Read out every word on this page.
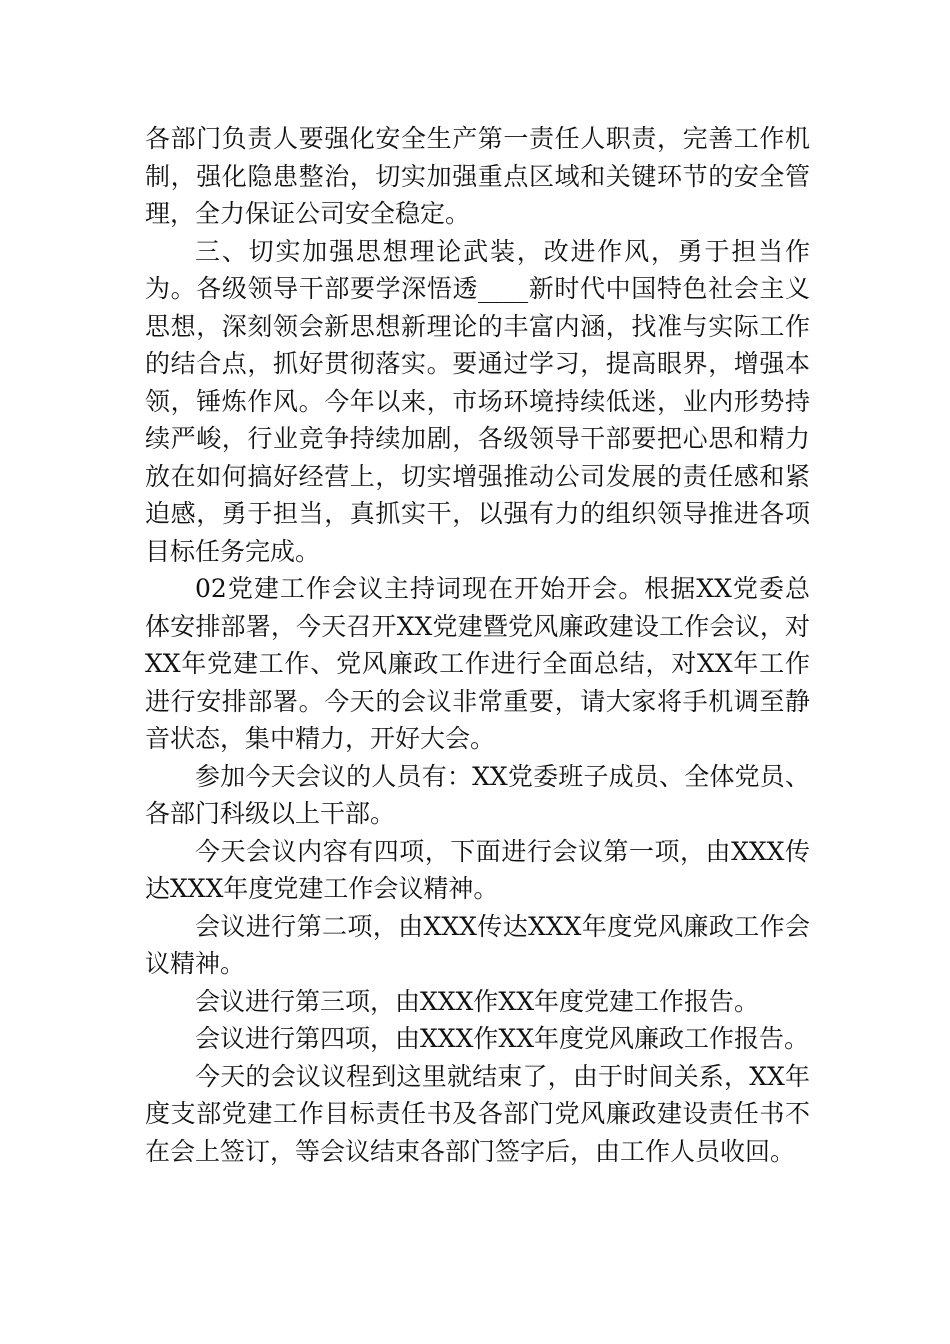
各部门负责人要强化安全生产第一责任人职责，完善工作机制，强化隐患整治，切实加强重点区域和关键环节的安全管理，全力保证公司安全稳定。

三、切实加强思想理论武装，改进作风，勇于担当作为。各级领导干部要学深悟透____新时代中国特色社会主义思想，深刻领会新思想新理论的丰富内涵，找准与实际工作的结合点，抓好贯彻落实。要通过学习，提高眼界，增强本领，锤炼作风。今年以来，市场环境持续低迷，业内形势持续严峻，行业竞争持续加剧，各级领导干部要把心思和精力放在如何搞好经营上，切实增强推动公司发展的责任感和紧迫感，勇于担当，真抓实干，以强有力的组织领导推进各项目标任务完成。

02党建工作会议主持词现在开始开会。根据XX党委总体安排部署，今天召开XX党建暨党风廉政建设工作会议，对XX年党建工作、党风廉政工作进行全面总结，对XX年工作进行安排部署。今天的会议非常重要，请大家将手机调至静音状态，集中精力，开好大会。

参加今天会议的人员有：XX党委班子成员、全体党员、各部门科级以上干部。

今天会议内容有四项，下面进行会议第一项，由XXX传达XXX年度党建工作会议精神。

会议进行第二项，由XXX传达XXX年度党风廉政工作会议精神。

会议进行第三项，由XXX作XX年度党建工作报告。

会议进行第四项，由XXX作XX年度党风廉政工作报告。

今天的会议议程到这里就结束了，由于时间关系，XX年度支部党建工作目标责任书及各部门党风廉政建设责任书不在会上签订，等会议结束各部门签字后，由工作人员收回。
